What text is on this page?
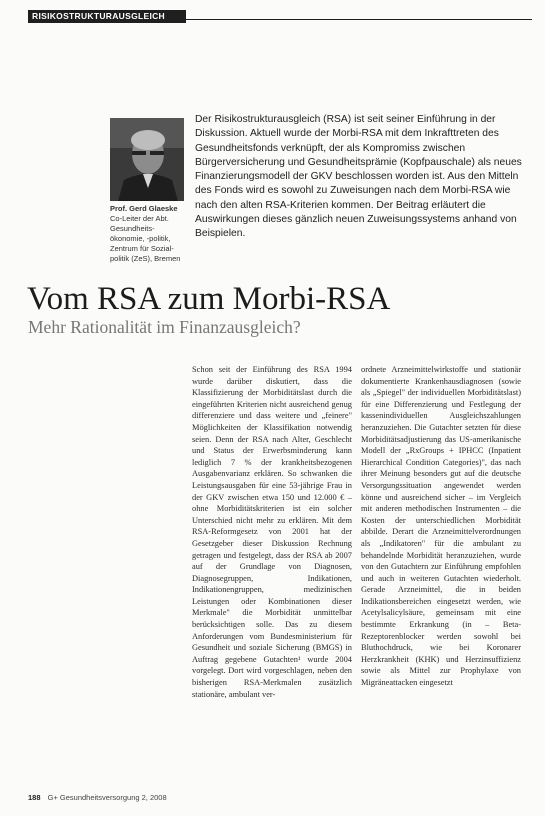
RISIKOSTRUKTURAUSGLEICH
Prof. Gerd Glaeske
Co-Leiter der Abt. Gesundheits- ökonomie, -politik, Zentrum für Sozial- politik (ZeS), Bremen

Der Risikostrukturausgleich (RSA) ist seit seiner Einführung in der Diskussion. Aktuell wurde der Morbi-RSA mit dem Inkrafttreten des Gesundheitsfonds verknüpft, der als Kompromiss zwischen Bürgerversicherung und Gesundheitsprämie (Kopfpauschale) als neues Finanzierungsmodell der GKV beschlossen worden ist. Aus den Mitteln des Fonds wird es sowohl zu Zuweisungen nach dem Morbi-RSA wie nach den alten RSA-Kriterien kommen. Der Beitrag erläutert die Auswirkungen dieses gänzlich neuen Zuweisungssystems anhand von Beispielen.

Vom RSA zum Morbi-RSA
Mehr Rationalität im Finanzausgleich?

Schon seit der Einführung des RSA 1994 wurde darüber diskutiert, dass die Klassifizierung der Morbiditätslast durch die eingeführten Kriterien nicht ausreichend genug differenziere und dass weitere und „feinere" Möglichkeiten der Klassifikation notwendig seien. Denn der RSA nach Alter, Geschlecht und Status der Erwerbsminderung kann lediglich 7 % der krankheitsbezogenen Ausgabenvarianz erklären. So schwanken die Leistungsausgaben für eine 53-jährige Frau in der GKV zwischen etwa 150 und 12.000 € – ohne Morbiditätskriterien ist ein solcher Unterschied nicht mehr zu erklären. Mit dem RSA-Reformgesetz von 2001 hat der Gesetzgeber dieser Diskussion Rechnung getragen und festgelegt, dass der RSA ab 2007 auf der Grundlage von Diagnosen, Diagnosegruppen, Indikationen, Indikationengruppen, medizinischen Leistungen oder Kombinationen dieser Merkmale" die Morbidität unmittelbar berücksichtigen solle. Das zu diesem Anforderungen vom Bundesministerium für Gesundheit und soziale Sicherung (BMGS) in Auftrag gegebene Gutachten¹ wurde 2004 vorgelegt. Dort wird vorgeschlagen, neben den bisherigen RSA-Merkmalen zusätzlich stationäre, ambulant ver-

ordnete Arzneimittelwirkstoffe und stationär dokumentierte Krankenhausdiagnosen (sowie als „Spiegel" der individuellen Morbiditätslast) für eine Differenzierung und Festlegung der kassenindividuellen Ausgleichszahlungen heranzuziehen. Die Gutachter setzten für diese Morbiditätsadjustierung das US-amerikanische Modell der „RxGroups + IPHCC (Inpatient Hierarchical Condition Categories)", das nach ihrer Meinung besonders gut auf die deutsche Versorgungssituation angewendet werden könne und ausreichend sicher – im Vergleich mit anderen methodischen Instrumenten – die Kosten der unterschiedlichen Morbidität abbilde. Derart die Arzneimittelverordnungen als „Indikatoren" für die ambulant zu behandelnde Morbidität heranzuziehen, wurde von den Gutachtern zur Einführung empfohlen und auch in weiteren Gutachten wiederholt. Gerade Arzneimittel, die in beiden Indikationsbereichen eingesetzt werden, wie Acetylsalicylsäure, gemeinsam mit eine bestimmte Erkrankung (in – Beta-Rezeptorenblocker werden sowohl bei Bluthochdruck, wie bei Koronarer Herzkrankheit (KHK) und Herzinsuffizienz sowie als Mittel zur Prophylaxe von Migräneattacken eingesetzt

188 G+ Gesundheitsversorgung 2, 2008
